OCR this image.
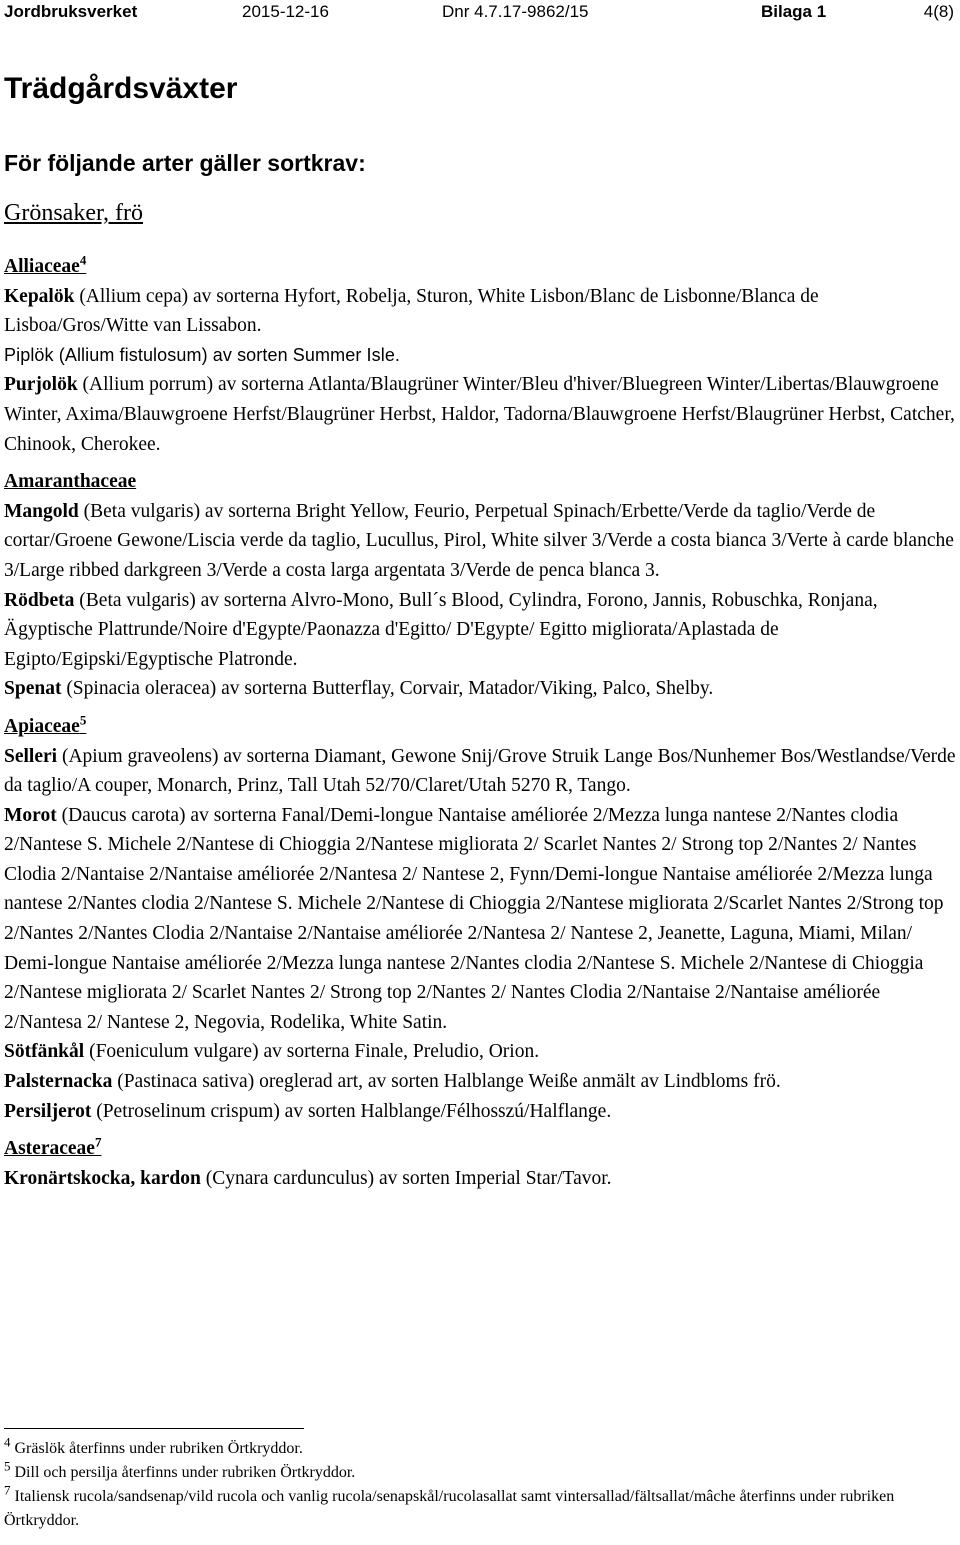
Jordbruksverket	2015-12-16	Dnr 4.7.17-9862/15	Bilaga 1	4(8)
Trädgårdsväxter
För följande arter gäller sortkrav:
Grönsaker, frö

Alliaceae$^4$

Kepalök (Allium cepa) av sorterna Hyfort, Robelja, Sturon, White Lisbon/Blanc de Lisbonne/Blanca de Lisboa/Gros/Witte van Lissabon.

Piplök (Allium fistulosum) av sorten Summer Isle.

Purjolök (Allium porrum) av sorterna Atlanta/Blaugrüner Winter/Bleu d'hiver/Bluegreen Winter/Libertas/Blauwgroene Winter, Axima/Blauwgroene Herfst/Blaugrüner Herbst, Haldor, Tadorna/Blauwgroene Herfst/Blaugrüner Herbst, Catcher, Chinook, Cherokee.

Amaranthaceae

Mangold (Beta vulgaris) av sorterna Bright Yellow, Feurio, Perpetual Spinach/Erbette/Verde da taglio/Verde de cortar/Groene Gewone/Liscia verde da taglio, Lucullus, Pirol, White silver 3/Verde a costa bianca 3/Verte à carde blanche 3/Large ribbed darkgreen 3/Verde a costa larga argentata 3/Verde de penca blanca 3.

Rödbeta (Beta vulgaris) av sorterna Alvro-Mono, Bull´s Blood, Cylindra, Forono, Jannis, Robuschka, Ronjana, Ägyptische Plattrunde/Noire d'Egypte/Paonazza d'Egitto/ D'Egypte/ Egitto migliorata/Aplastada de Egipto/Egipski/Egyptische Platronde.

Spenat (Spinacia oleracea) av sorterna Butterflay, Corvair, Matador/Viking, Palco, Shelby.

Apiaceae$^5$

Selleri (Apium graveolens) av sorterna Diamant, Gewone Snij/Grove Struik Lange Bos/Nunhemer Bos/Westlandse/Verde da taglio/A couper, Monarch, Prinz, Tall Utah 52/70/Claret/Utah 5270 R, Tango.

Morot (Daucus carota) av sorterna Fanal/Demi-longue Nantaise améliorée 2/Mezza lunga nantese 2/Nantes clodia 2/Nantese S. Michele 2/Nantese di Chioggia 2/Nantese migliorata 2/ Scarlet Nantes 2/ Strong top 2/Nantes 2/ Nantes Clodia 2/Nantaise 2/Nantaise améliorée 2/Nantesa 2/ Nantese 2, Fynn/Demi-longue Nantaise améliorée 2/Mezza lunga nantese 2/Nantes clodia 2/Nantese S. Michele 2/Nantese di Chioggia 2/Nantese migliorata 2/Scarlet Nantes 2/Strong top 2/Nantes 2/Nantes Clodia 2/Nantaise 2/Nantaise améliorée 2/Nantesa 2/ Nantese 2, Jeanette, Laguna, Miami, Milan/ Demi-longue Nantaise améliorée 2/Mezza lunga nantese 2/Nantes clodia 2/Nantese S. Michele 2/Nantese di Chioggia 2/Nantese migliorata 2/ Scarlet Nantes 2/ Strong top 2/Nantes 2/ Nantes Clodia 2/Nantaise 2/Nantaise améliorée 2/Nantesa 2/ Nantese 2, Negovia, Rodelika, White Satin.

Sötfänkål (Foeniculum vulgare) av sorterna Finale, Preludio, Orion.

Palsternacka (Pastinaca sativa) oreglerad art, av sorten Halblange Weiße anmält av Lindbloms frö.

Persiljerot (Petroselinum crispum) av sorten Halblange/Félhosszú/Halflange.

Asteraceae$^7$

Kronärtskocka, kardon (Cynara cardunculus) av sorten Imperial Star/Tavor.

$^4$ Gräslök återfinns under rubriken Örtkryddor.

$^5$ Dill och persilja återfinns under rubriken Örtkryddor.

$^7$ Italiensk rucola/sandsenap/vild rucola och vanlig rucola/senapskål/rucolasallat samt vintersallad/fältsallat/mâche återfinns under rubriken Örtkryddor.
